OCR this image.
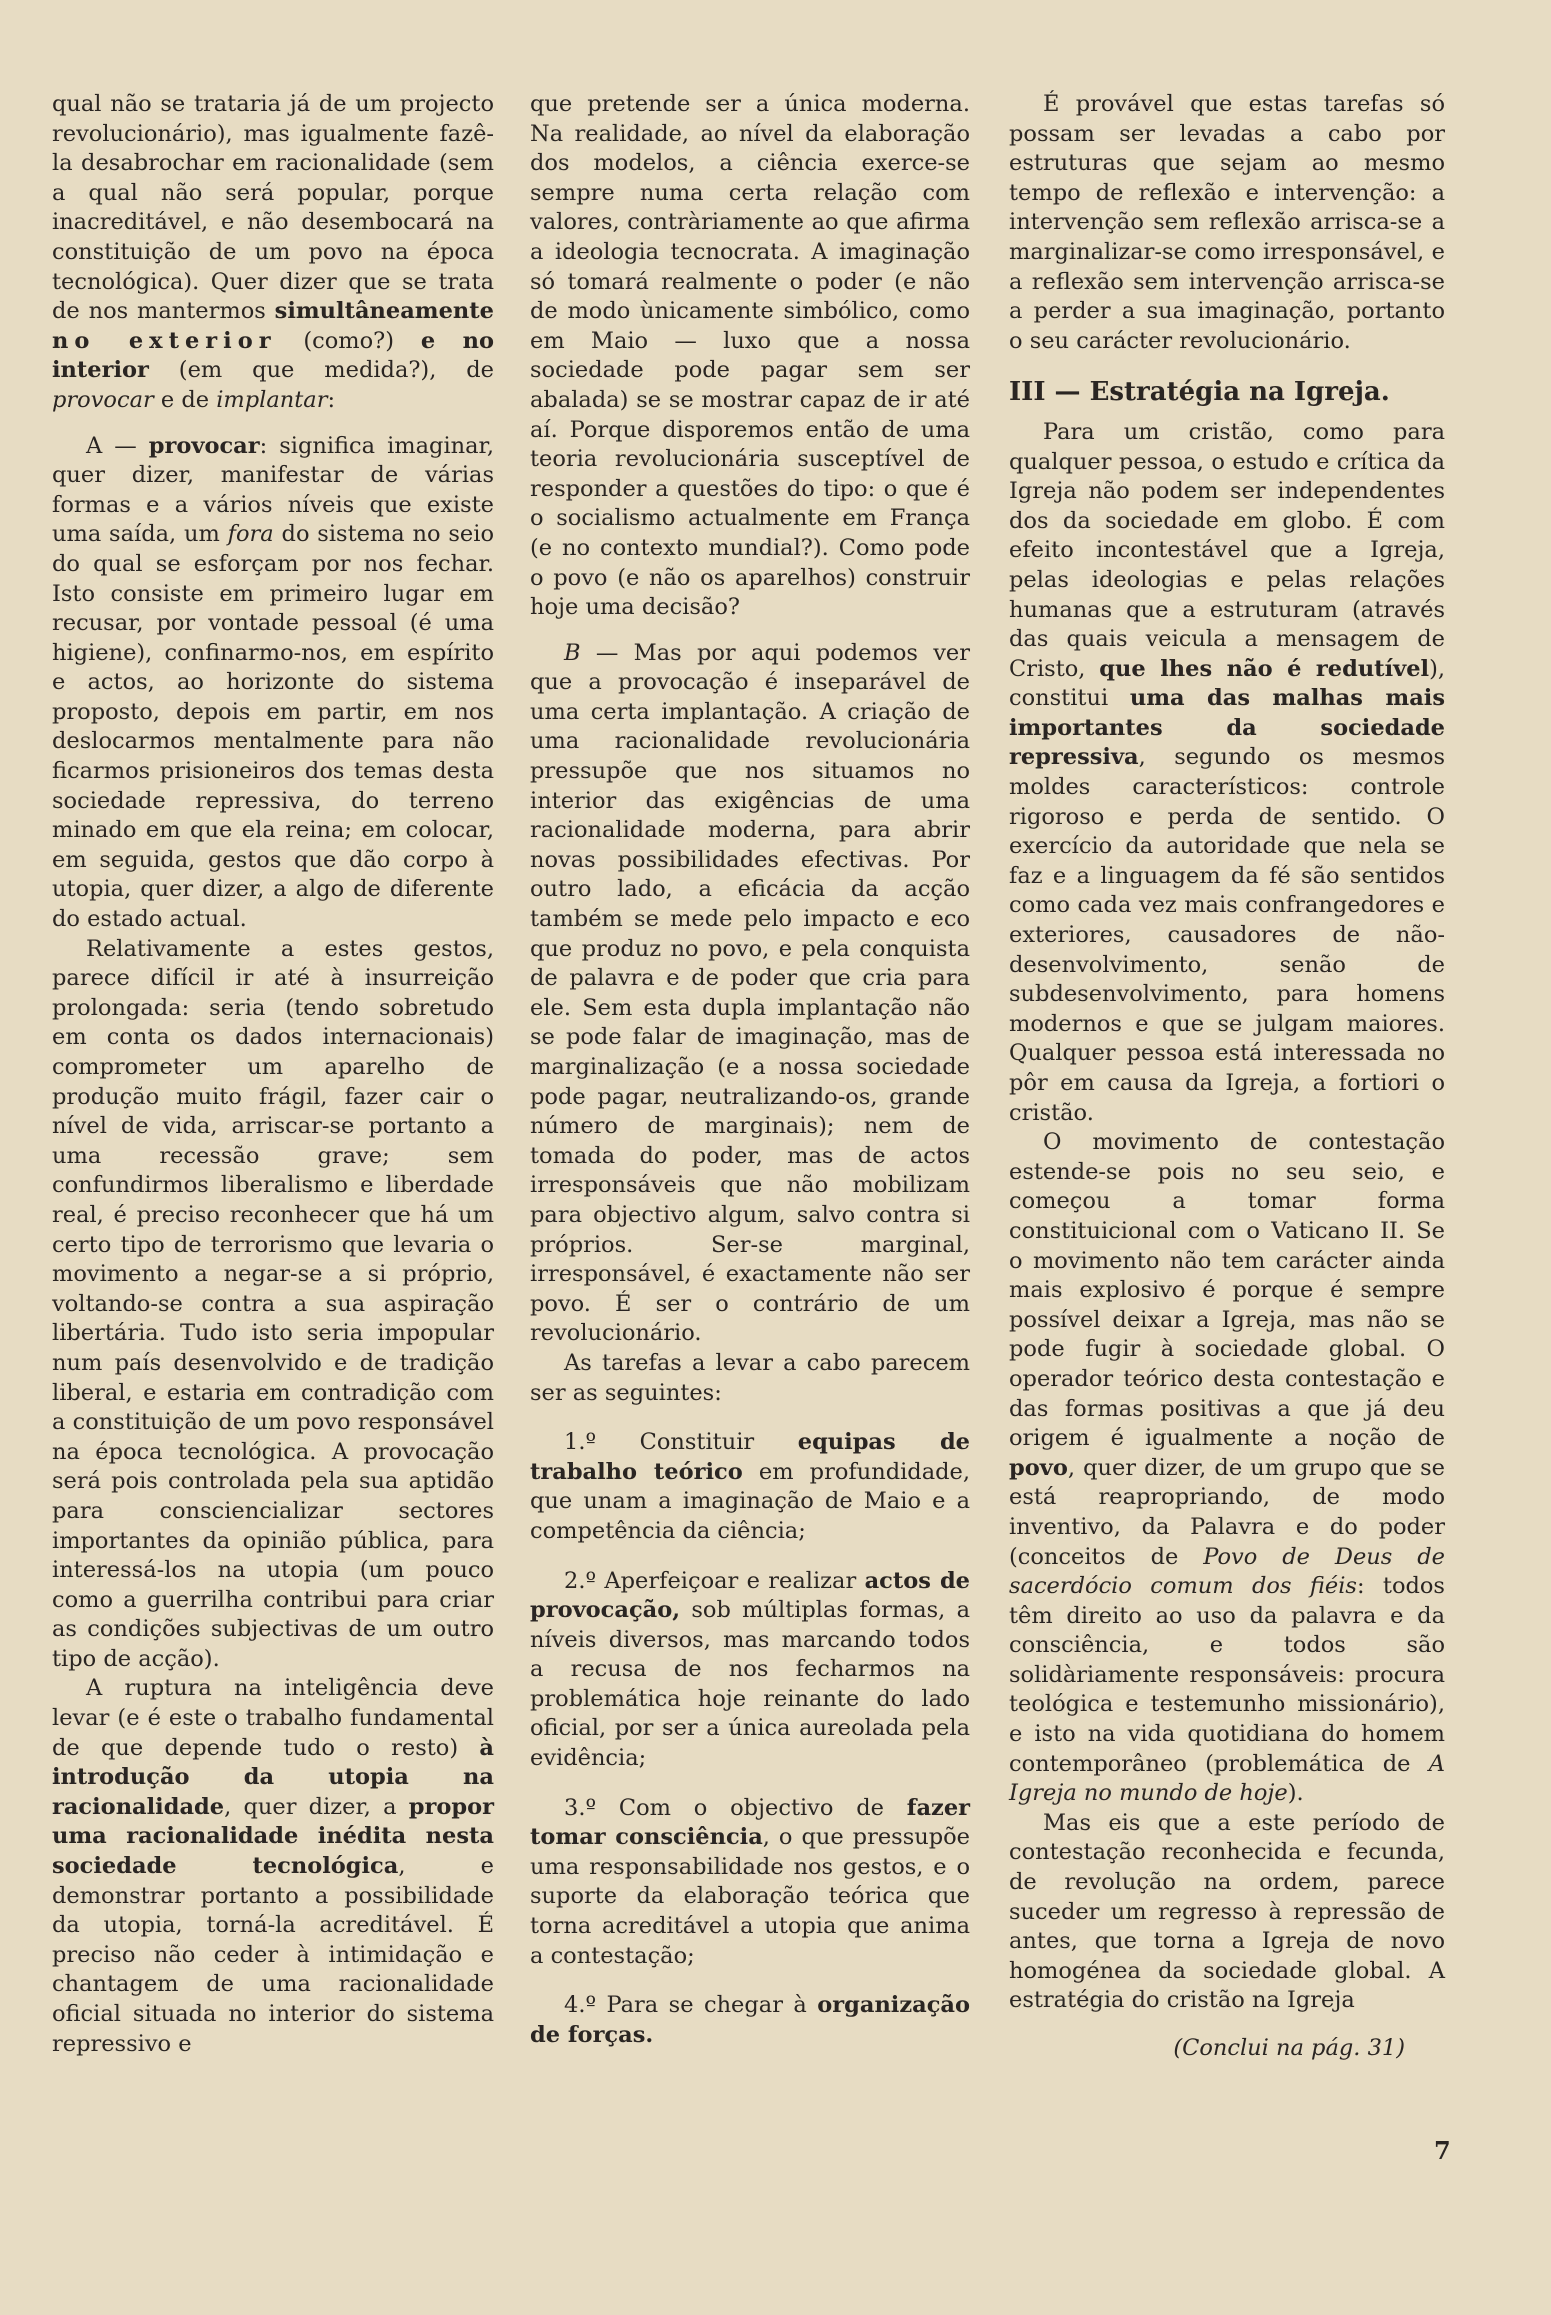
qual não se trataria já de um projecto revolucionário), mas igualmente fazê-la desabrochar em racionalidade (sem a qual não será popular, porque inacreditável, e não desembocará na constituição de um povo na época tecnológica). Quer dizer que se trata de nos mantermos simultâneamente no exterior (como?) e no interior (em que medida?), de provocar e de implantar:

A — provocar: significa imaginar, quer dizer, manifestar de várias formas e a vários níveis que existe uma saída, um fora do sistema no seio do qual se esforçam por nos fechar. Isto consiste em primeiro lugar em recusar, por vontade pessoal (é uma higiene), confinarmo-nos, em espírito e actos, ao horizonte do sistema proposto, depois em partir, em nos deslocarmos mentalmente para não ficarmos prisioneiros dos temas desta sociedade repressiva, do terreno minado em que ela reina; em colocar, em seguida, gestos que dão corpo à utopia, quer dizer, a algo de diferente do estado actual.

Relativamente a estes gestos, parece difícil ir até à insurreição prolongada: seria (tendo sobretudo em conta os dados internacionais) comprometer um aparelho de produção muito frágil, fazer cair o nível de vida, arriscar-se portanto a uma recessão grave; sem confundirmos liberalismo e liberdade real, é preciso reconhecer que há um certo tipo de terrorismo que levaria o movimento a negar-se a si próprio, voltando-se contra a sua aspiração libertária. Tudo isto seria impopular num país desenvolvido e de tradição liberal, e estaria em contradição com a constituição de um povo responsável na época tecnológica. A provocação será pois controlada pela sua aptidão para consciencializar sectores importantes da opinião pública, para interessá-los na utopia (um pouco como a guerrilha contribui para criar as condições subjectivas de um outro tipo de acção).

A ruptura na inteligência deve levar (e é este o trabalho fundamental de que depende tudo o resto) à introdução da utopia na racionalidade, quer dizer, a propor uma racionalidade inédita nesta sociedade tecnológica, e demonstrar portanto a possibilidade da utopia, torná-la acreditável. É preciso não ceder à intimidação e chantagem de uma racionalidade oficial situada no interior do sistema repressivo e

que pretende ser a única moderna. Na realidade, ao nível da elaboração dos modelos, a ciência exerce-se sempre numa certa relação com valores, contràriamente ao que afirma a ideologia tecnocrata. A imaginação só tomará realmente o poder (e não de modo ùnicamente simbólico, como em Maio — luxo que a nossa sociedade pode pagar sem ser abalada) se se mostrar capaz de ir até aí. Porque disporemos então de uma teoria revolucionária susceptível de responder a questões do tipo: o que é o socialismo actualmente em França (e no contexto mundial?). Como pode o povo (e não os aparelhos) construir hoje uma decisão?

B — Mas por aqui podemos ver que a provocação é inseparável de uma certa implantação. A criação de uma racionalidade revolucionária pressupõe que nos situamos no interior das exigências de uma racionalidade moderna, para abrir novas possibilidades efectivas. Por outro lado, a eficácia da acção também se mede pelo impacto e eco que produz no povo, e pela conquista de palavra e de poder que cria para ele. Sem esta dupla implantação não se pode falar de imaginação, mas de marginalização (e a nossa sociedade pode pagar, neutralizando-os, grande número de marginais); nem de tomada do poder, mas de actos irresponsáveis que não mobilizam para objectivo algum, salvo contra si próprios. Ser-se marginal, irresponsável, é exactamente não ser povo. É ser o contrário de um revolucionário.

As tarefas a levar a cabo parecem ser as seguintes:

1.º Constituir equipas de trabalho teórico em profundidade, que unam a imaginação de Maio e a competência da ciência;

2.º Aperfeiçoar e realizar actos de provocação, sob múltiplas formas, a níveis diversos, mas marcando todos a recusa de nos fecharmos na problemática hoje reinante do lado oficial, por ser a única aureolada pela evidência;

3.º Com o objectivo de fazer tomar consciência, o que pressupõe uma responsabilidade nos gestos, e o suporte da elaboração teórica que torna acreditável a utopia que anima a contestação;

4.º Para se chegar à organização de forças.

É provável que estas tarefas só possam ser levadas a cabo por estruturas que sejam ao mesmo tempo de reflexão e intervenção: a intervenção sem reflexão arrisca-se a marginalizar-se como irresponsável, e a reflexão sem intervenção arrisca-se a perder a sua imaginação, portanto o seu carácter revolucionário.

III — Estratégia na Igreja.

Para um cristão, como para qualquer pessoa, o estudo e crítica da Igreja não podem ser independentes dos da sociedade em globo. É com efeito incontestável que a Igreja, pelas ideologias e pelas relações humanas que a estruturam (através das quais veicula a mensagem de Cristo, que lhes não é redutível), constitui uma das malhas mais importantes da sociedade repressiva, segundo os mesmos moldes característicos: controle rigoroso e perda de sentido. O exercício da autoridade que nela se faz e a linguagem da fé são sentidos como cada vez mais confrangedores e exteriores, causadores de não-desenvolvimento, senão de subdesenvolvimento, para homens modernos e que se julgam maiores. Qualquer pessoa está interessada no pôr em causa da Igreja, a fortiori o cristão.

O movimento de contestação estende-se pois no seu seio, e começou a tomar forma constituicional com o Vaticano II. Se o movimento não tem carácter ainda mais explosivo é porque é sempre possível deixar a Igreja, mas não se pode fugir à sociedade global. O operador teórico desta contestação e das formas positivas a que já deu origem é igualmente a noção de povo, quer dizer, de um grupo que se está reapropriando, de modo inventivo, da Palavra e do poder (conceitos de Povo de Deus de sacerdócio comum dos fiéis: todos têm direito ao uso da palavra e da consciência, e todos são solidàriamente responsáveis: procura teológica e testemunho missionário), e isto na vida quotidiana do homem contemporâneo (problemática de A Igreja no mundo de hoje).

Mas eis que a este período de contestação reconhecida e fecunda, de revolução na ordem, parece suceder um regresso à repressão de antes, que torna a Igreja de novo homogénea da sociedade global. A estratégia do cristão na Igreja

(Conclui na pág. 31)

7
